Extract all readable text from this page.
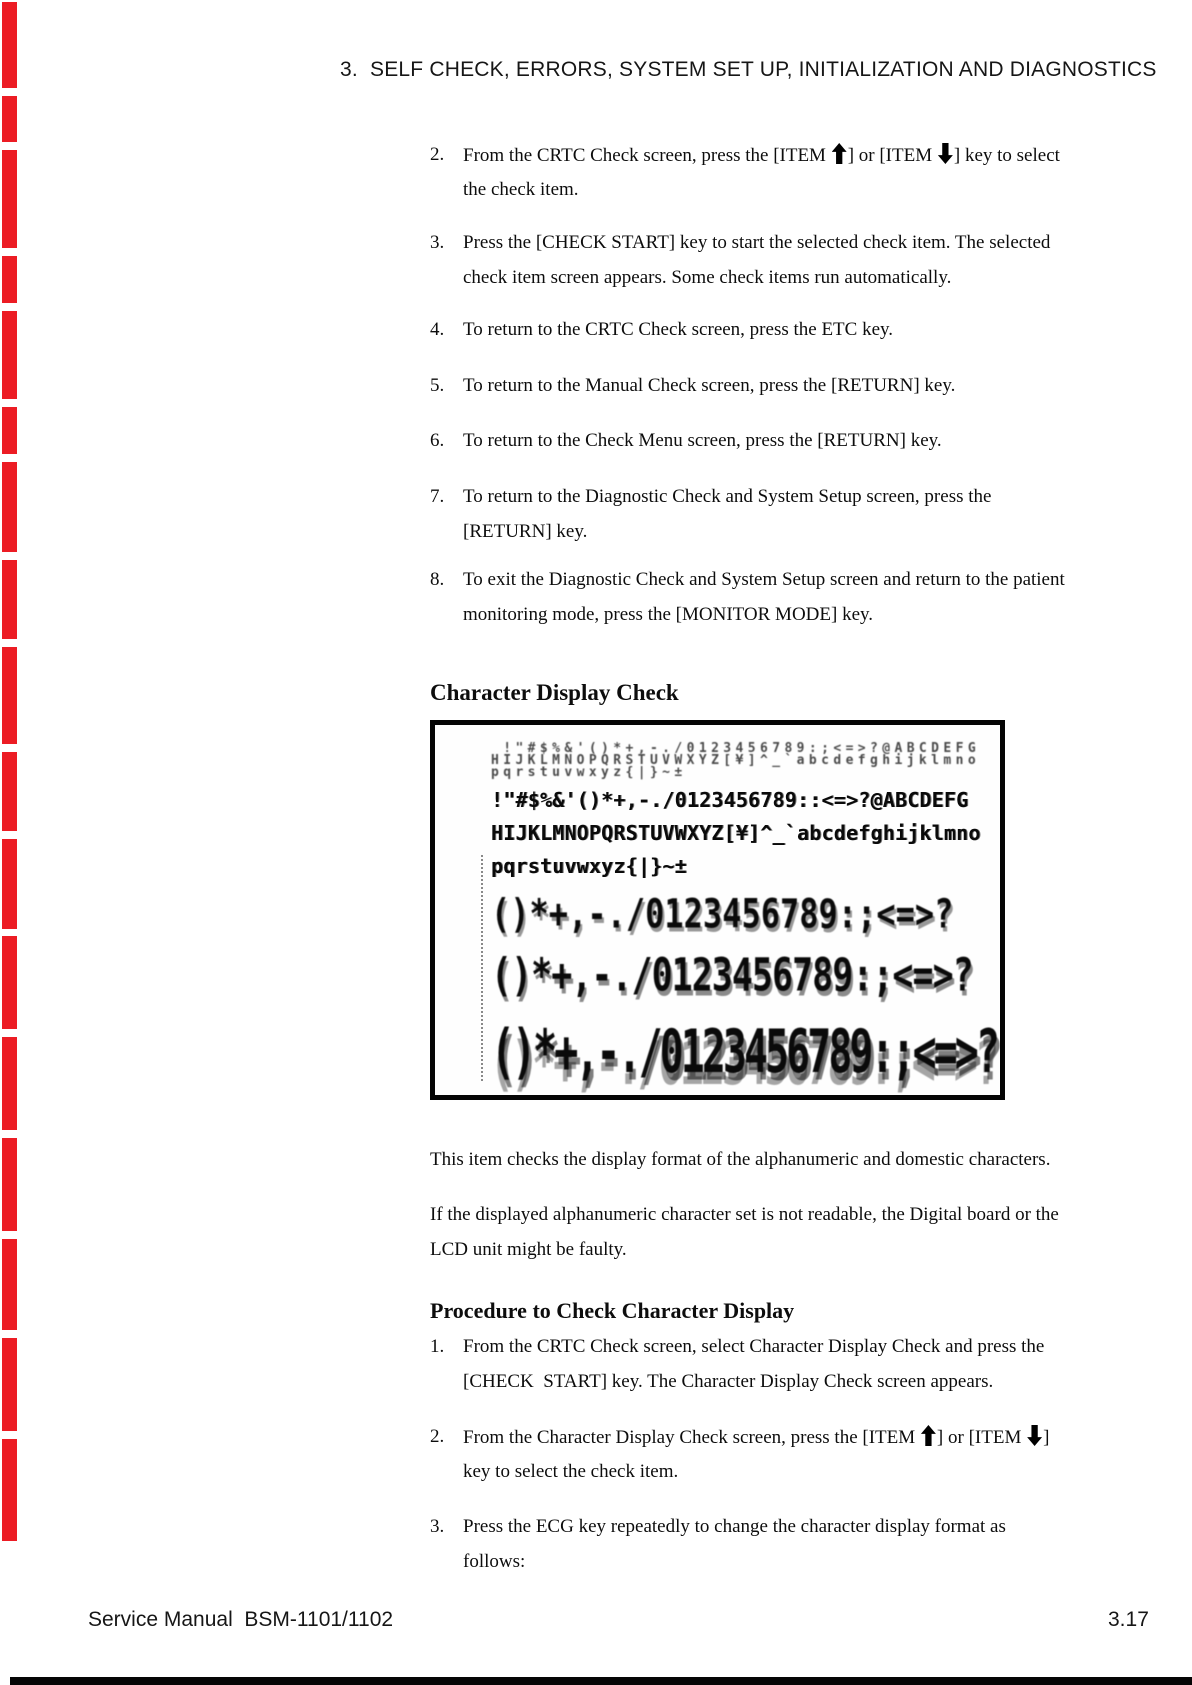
3.  SELF CHECK, ERRORS, SYSTEM SET UP, INITIALIZATION AND DIAGNOSTICS
2. From the CRTC Check screen, press the [ITEM ] or [ITEM ] key to select
the check item.
3. Press the [CHECK START] key to start the selected check item. The selected
check item screen appears. Some check items run automatically.
4. To return to the CRTC Check screen, press the ETC key.
5. To return to the Manual Check screen, press the [RETURN] key.
6. To return to the Check Menu screen, press the [RETURN] key.
7. To return to the Diagnostic Check and System Setup screen, press the
[RETURN] key.
8. To exit the Diagnostic Check and System Setup screen and return to the patient
monitoring mode, press the [MONITOR MODE] key.
Character Display Check
!"#$%&'()*+,-./0123456789:;<=>?@ABCDEFG
HIJKLMNOPQRSTUVWXYZ[¥]^_`abcdefghijklmno
pqrstuvwxyz{|}~±
!"#$%&'()*+,-./0123456789::<=>?@ABCDEFG
HIJKLMNOPQRSTUVWXYZ[¥]^_`abcdefghijklmno
pqrstuvwxyz{|}~±
()*+,-./0123456789:;<=>?
()*+,-./0123456789:;<=>?
()*+,-./0123456789:;<=>?
This item checks the display format of the alphanumeric and domestic characters.
If the displayed alphanumeric character set is not readable, the Digital board or the
LCD unit might be faulty.
Procedure to Check Character Display
1. From the CRTC Check screen, select Character Display Check and press the
[CHECK  START] key. The Character Display Check screen appears.
2. From the Character Display Check screen, press the [ITEM ] or [ITEM ]
key to select the check item.
3. Press the ECG key repeatedly to change the character display format as
follows:
Service Manual  BSM-1101/1102	3.17
